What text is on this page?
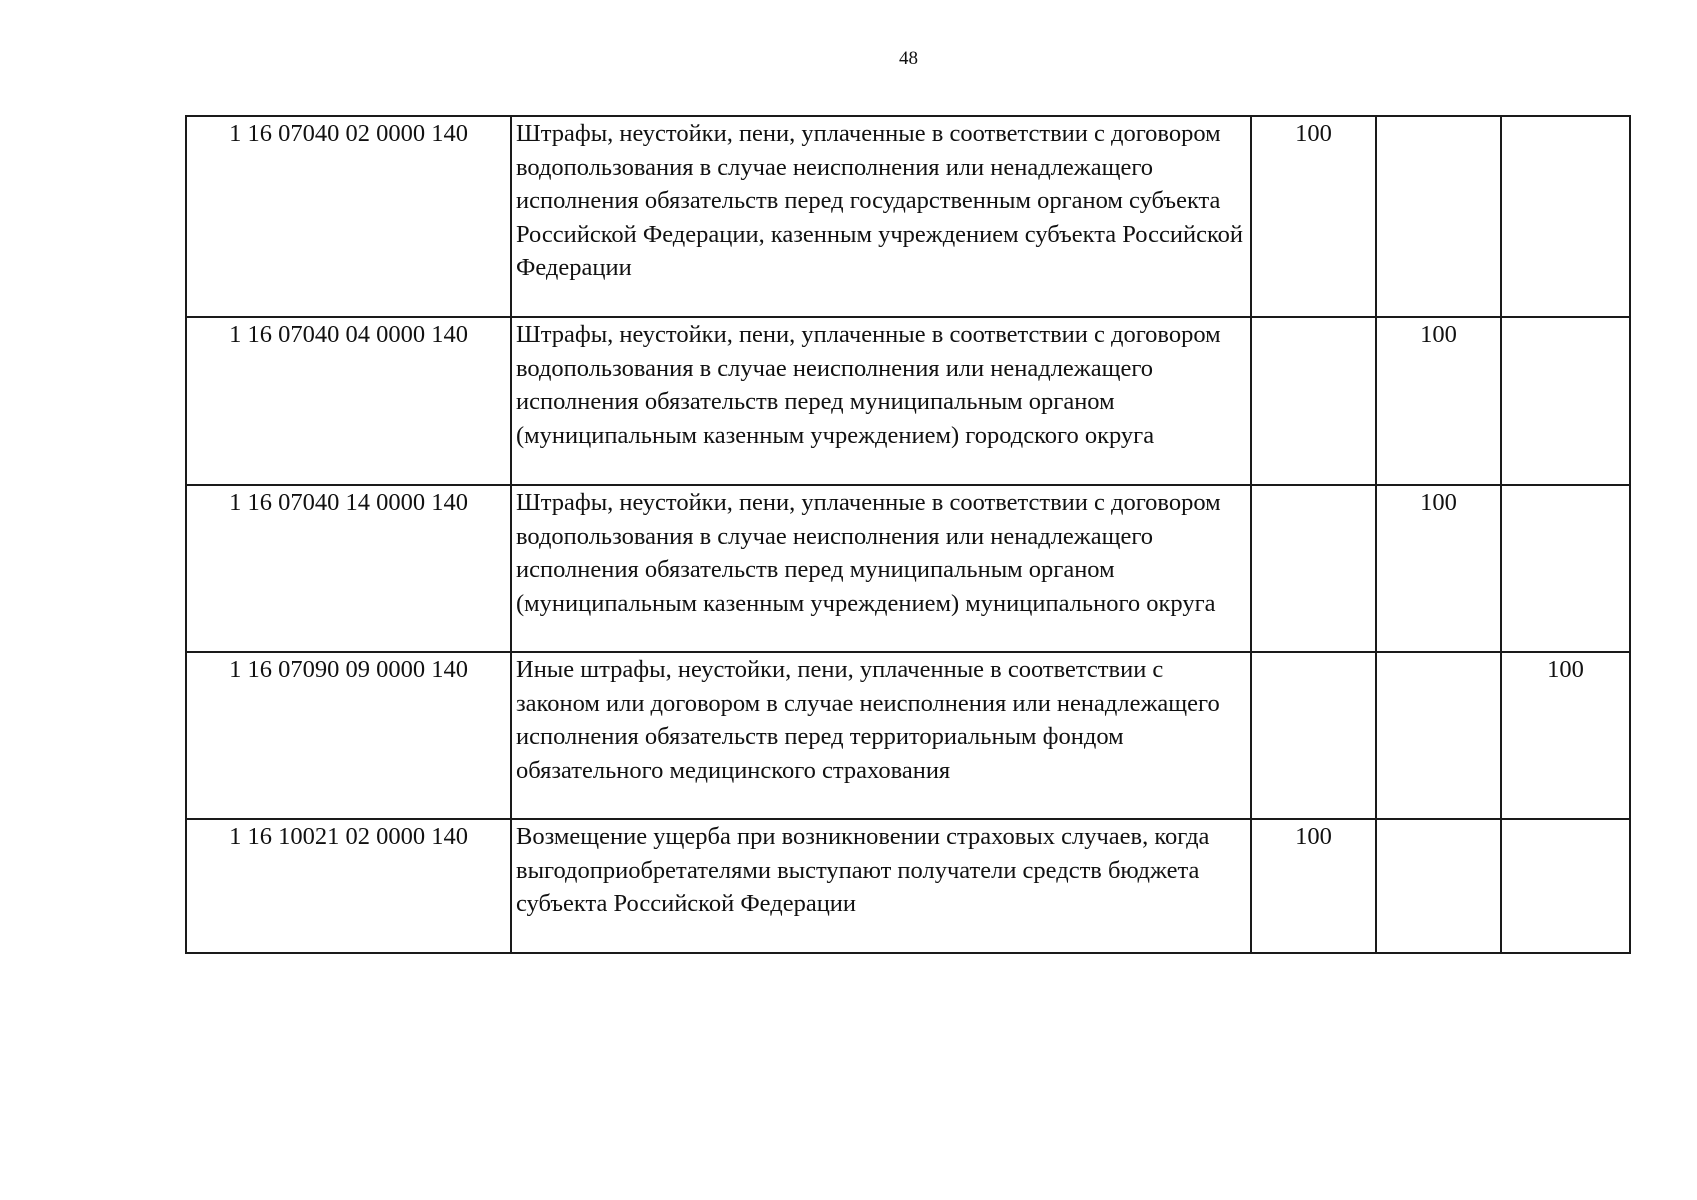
48
1 16 07040 02 0000 140	Штрафы, неустойки, пени, уплаченные в соответствии с договором водопользования в случае неисполнения или ненадлежащего исполнения обязательств перед государственным органом субъекта Российской Федерации, казенным учреждением субъекта Российской Федерации	100		
1 16 07040 04 0000 140	Штрафы, неустойки, пени, уплаченные в соответствии с договором водопользования в случае неисполнения или ненадлежащего исполнения обязательств перед муниципальным органом (муниципальным казенным учреждением) городского округа		100	
1 16 07040 14 0000 140	Штрафы, неустойки, пени, уплаченные в соответствии с договором водопользования в случае неисполнения или ненадлежащего исполнения обязательств перед муниципальным органом (муниципальным казенным учреждением) муниципального округа		100	
1 16 07090 09 0000 140	Иные штрафы, неустойки, пени, уплаченные в соответствии с законом или договором в случае неисполнения или ненадлежащего исполнения обязательств перед территориальным фондом обязательного медицинского страхования			100
1 16 10021 02 0000 140	Возмещение ущерба при возникновении страховых случаев, когда выгодоприобретателями выступают получатели средств бюджета субъекта Российской Федерации	100		
